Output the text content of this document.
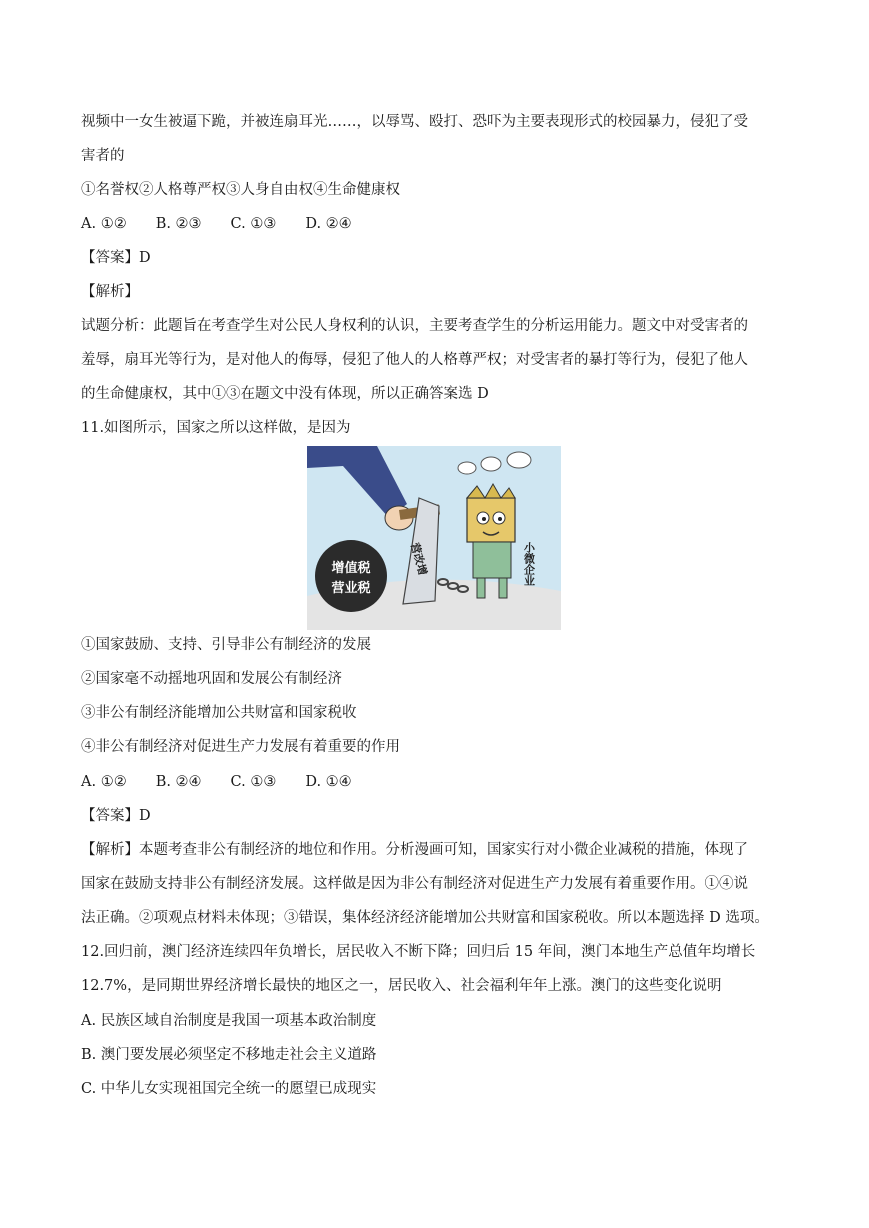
视频中一女生被逼下跪，并被连扇耳光……，以辱骂、殴打、恐吓为主要表现形式的校园暴力，侵犯了受
害者的
①名誉权②人格尊严权③人身自由权④生命健康权
A. ①②　　B. ②③　　C. ①③　　D. ②④
【答案】D
【解析】
试题分析：此题旨在考查学生对公民人身权利的认识，主要考查学生的分析运用能力。题文中对受害者的
羞辱，扇耳光等行为，是对他人的侮辱，侵犯了他人的人格尊严权；对受害者的暴打等行为，侵犯了他人
的生命健康权，其中①③在题文中没有体现，所以正确答案选 D
11.如图所示，国家之所以这样做，是因为
增值税
营业税
营改增	小微企业
①国家鼓励、支持、引导非公有制经济的发展
②国家毫不动摇地巩固和发展公有制经济
③非公有制经济能增加公共财富和国家税收
④非公有制经济对促进生产力发展有着重要的作用
A. ①②　　B. ②④　　C. ①③　　D. ①④
【答案】D
【解析】本题考查非公有制经济的地位和作用。分析漫画可知，国家实行对小微企业减税的措施，体现了
国家在鼓励支持非公有制经济发展。这样做是因为非公有制经济对促进生产力发展有着重要作用。①④说
法正确。②项观点材料未体现；③错误，集体经济经济能增加公共财富和国家税收。所以本题选择 D 选项。
12.回归前，澳门经济连续四年负增长，居民收入不断下降；回归后 15 年间，澳门本地生产总值年均增长
12.7%，是同期世界经济增长最快的地区之一，居民收入、社会福利年年上涨。澳门的这些变化说明
A. 民族区域自治制度是我国一项基本政治制度
B. 澳门要发展必须坚定不移地走社会主义道路
C. 中华儿女实现祖国完全统一的愿望已成现实
